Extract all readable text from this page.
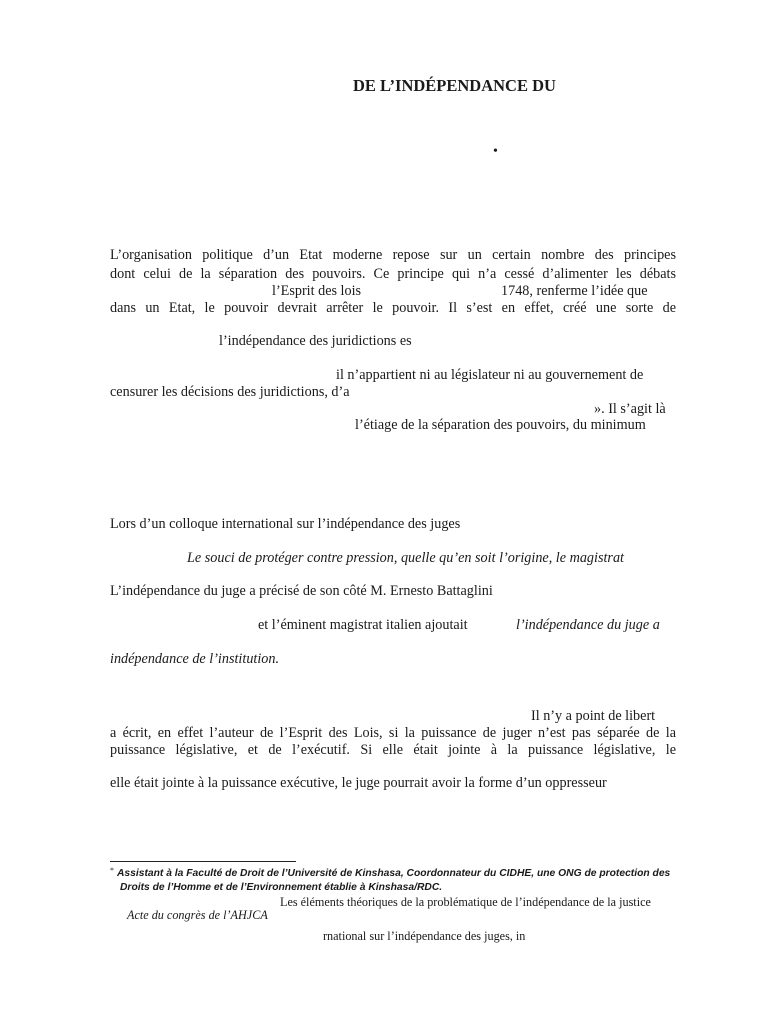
DE L’INDÉPENDANCE DU
•
L’organisation politique d’un Etat moderne repose sur un certain nombre des principes
dont celui de la séparation des pouvoirs. Ce principe qui n’a cessé d’alimenter les débats
l’Esprit des lois	1748, renferme l’idée que
dans un Etat, le pouvoir devrait arrêter le pouvoir. Il s’est en effet, créé une sorte de
l’indépendance des juridictions es
il n’appartient ni au législateur ni au gouvernement de
censurer les décisions des juridictions, d’a
». Il s’agit là
l’étiage de la séparation des pouvoirs, du minimum
Lors d’un colloque international sur l’indépendance des juges
Le souci de protéger contre pression, quelle qu’en soit l’origine, le magistrat
L’indépendance du juge a précisé de son côté M. Ernesto Battaglini
et l’éminent magistrat italien ajoutait	l’indépendance du juge a
indépendance de l’institution.
Il n’y a point de libert
a écrit, en effet l’auteur de l’Esprit des Lois, si la puissance de juger n’est pas séparée de la
puissance législative, et de l’exécutif. Si elle était jointe à la puissance législative, le
elle était jointe à la puissance exécutive, le juge pourrait avoir la forme d’un oppresseur
* Assistant à la Faculté de Droit de l’Université de Kinshasa, Coordonnateur du CIDHE, une ONG de protection des
Droits de l’Homme et de l’Environnement établie à Kinshasa/RDC.
Les éléments théoriques de la problématique de l’indépendance de la justice
Acte du congrès de l’AHJCA
rnational sur l’indépendance des juges, in
